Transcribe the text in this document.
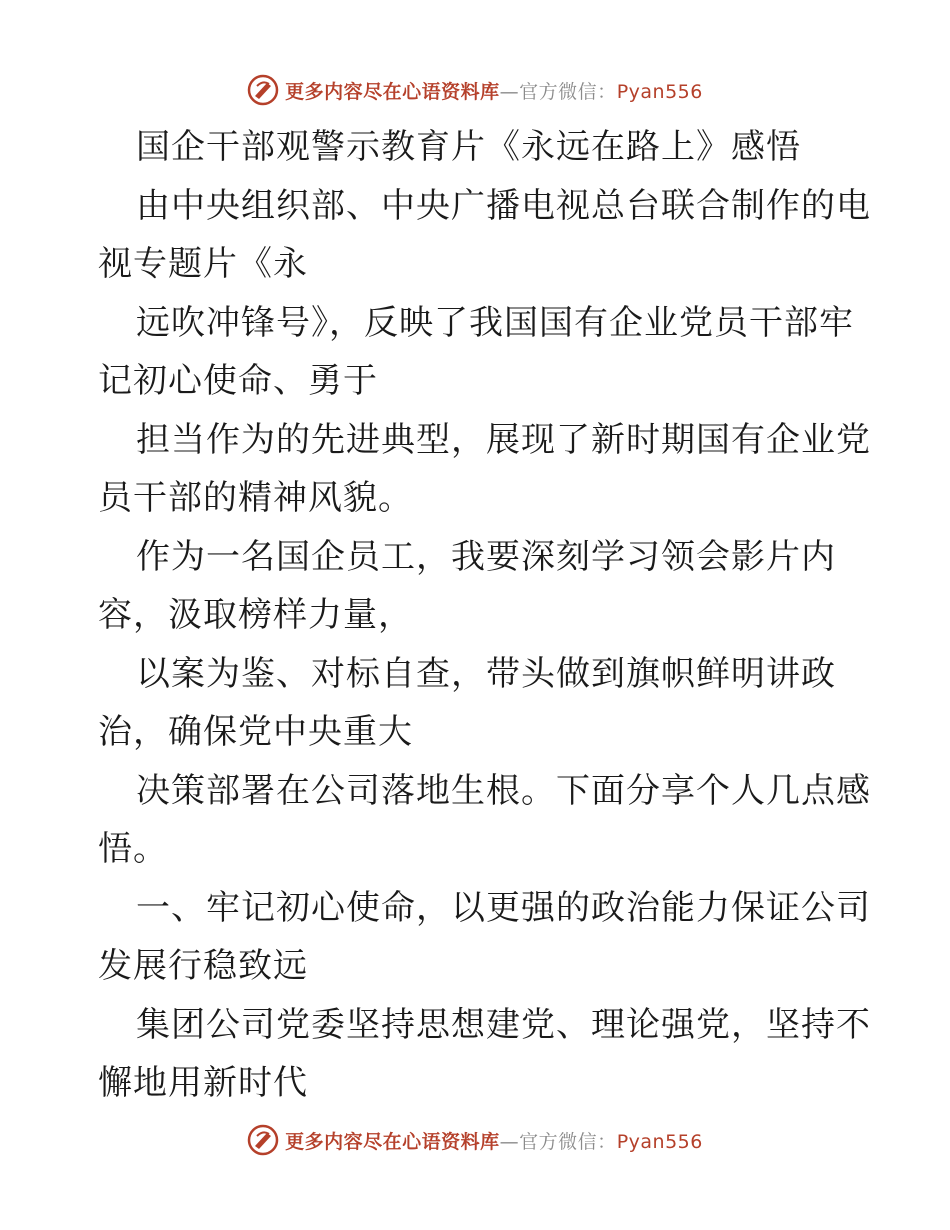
更多内容尽在心语资料库—官方微信：Pyan556
国企干部观警示教育片《永远在路上》感悟
由中央组织部、中央广播电视总台联合制作的电
视专题片《永
远吹冲锋号》，反映了我国国有企业党员干部牢
记初心使命、勇于
担当作为的先进典型，展现了新时期国有企业党
员干部的精神风貌。
作为一名国企员工，我要深刻学习领会影片内
容，汲取榜样力量，
以案为鉴、对标自查，带头做到旗帜鲜明讲政
治，确保党中央重大
决策部署在公司落地生根。下面分享个人几点感
悟。
一、牢记初心使命，以更强的政治能力保证公司
发展行稳致远
集团公司党委坚持思想建党、理论强党，坚持不
懈地用新时代
更多内容尽在心语资料库—官方微信：Pyan556
